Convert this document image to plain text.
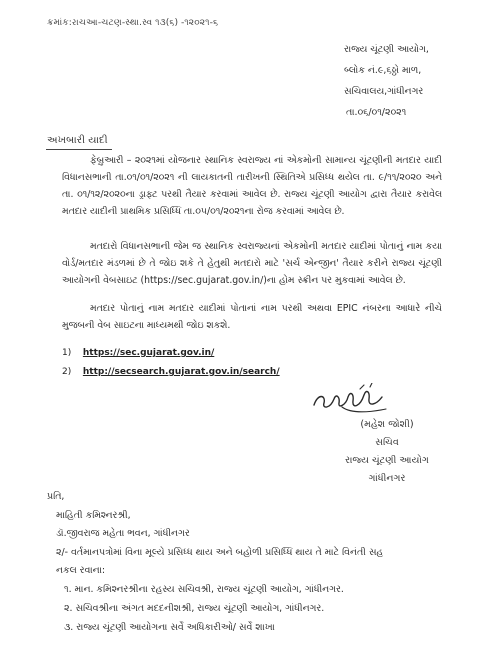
ક્રમાંક:રાચઆ-ચટણ-સ્થા.સ્વ ૧૩(૬) -૧૨૦૨૧-૬
રાજ્ય ચૂંટણી આયોગ,
બ્લોક નં.૯,૬ઠ્ઠો માળ,
સચિવાલય,ગાંધીનગર
તા.૦૬/૦૧/૨૦૨૧
અખબારી યાદી
ફેબ્રુઆરી – ૨૦૨૧માં યોજનાર સ્થાનિક સ્વરાજ્ય નાં એકમોની સામાન્ય ચૂંટણીની મતદાર યાદી વિધાનસભાની તા.૦૧/૦૧/૨૦૨૧ ની લાયકાતની તારીખની સ્થિતિએ પ્રસિધ્ધ થયેલ તા. ૯/૧૧/૨૦૨૦ અને તા. ૦૧/૧૨/૨૦૨૦ના ડ્રાફ્ટ પરથી તૈયાર કરવામાં આવેલ છે. રાજ્ય ચૂંટણી આયોગ દ્વારા તૈયાર કરાવેલ મતદાર યાદીની પ્રાથમિક પ્રસિધ્ધિ તા.૦૫/૦૧/૨૦૨૧ના રોજ કરવામાં આવેલ છે.
મતદારો વિધાનસભાની જેમ જ સ્થાનિક સ્વરાજ્યનાં એકમોની મતદાર યાદીમાં પોતાનું નામ કયા વોર્ડ/મતદાર મંડળમાં છે તે જોઇ શકે તે હેતુથી મતદારો માટે 'સર્ચ એન્જીન' તૈયાર કરીને રાજ્ય ચૂંટણી આયોગની વેબસાઇટ (https://sec.gujarat.gov.in/)ના હોમ સ્ક્રીન પર મુકવામાં આવેલ છે.
મતદાર પોતાનું નામ મતદાર યાદીમાં પોતાનાં નામ પરથી અથવા EPIC નંબરના આધારે નીચે મુજબની વેબ સાઇટના માધ્યમથી જોઇ શકશે.
1) https://sec.gujarat.gov.in/
2) http://secsearch.gujarat.gov.in/search/
(મહેશ જોશી)
સચિવ
રાજ્ય ચૂંટણી આયોગ
ગાંધીનગર
પ્રતિ,
માહિતી કમિશ્નરશ્રી,
ડૉ.જીવરાજ મહેતા ભવન, ગાંધીનગર
૨/- વર્તમાનપત્રોમાં વિના મૂલ્યે પ્રસિધ્ધ થાય અને બહોળી પ્રસિધ્ધિ થાય તે માટે વિનંતી સહ
નકલ રવાના:
૧. માન. કમિશ્નરશ્રીના રહસ્ય સચિવશ્રી, રાજ્ય ચૂંટણી આયોગ, ગાંધીનગર.
૨. સચિવશ્રીના અંગત મદદનીશશ્રી, રાજ્ય ચૂંટણી આયોગ, ગાંધીનગર.
૩. રાજ્ય ચૂંટણી આયોગના સર્વે અધિકારીઓ/ સર્વે શાખા
